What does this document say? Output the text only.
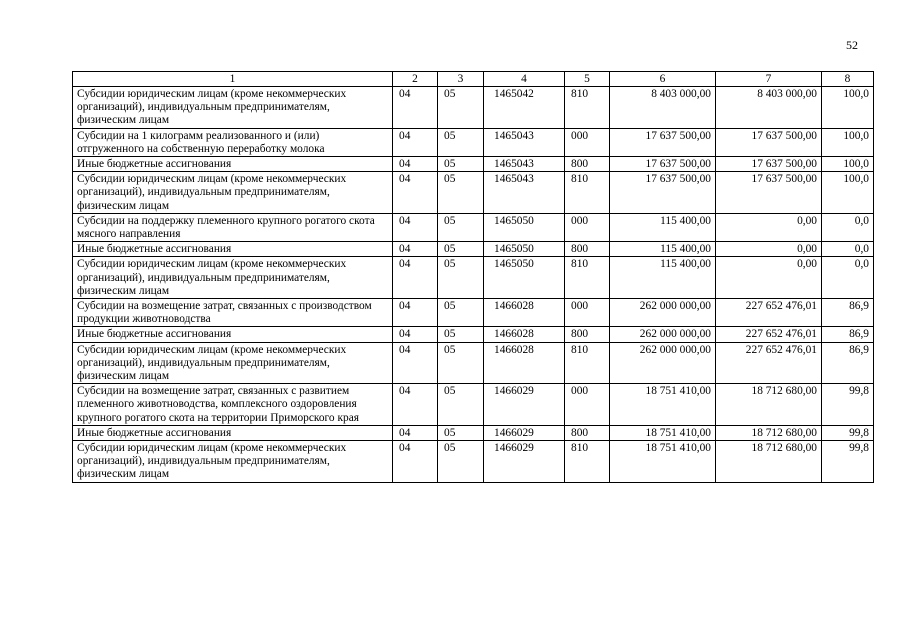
52
1	2	3	4	5	6	7	8
Субсидии юридическим лицам (кроме некоммерческих организаций), индивидуальным предпринимателям, физическим лицам	04	05	1465042	810	8 403 000,00	8 403 000,00	100,0
Субсидии на 1 килограмм реализованного и (или) отгруженного на собственную переработку молока	04	05	1465043	000	17 637 500,00	17 637 500,00	100,0
Иные бюджетные ассигнования	04	05	1465043	800	17 637 500,00	17 637 500,00	100,0
Субсидии юридическим лицам (кроме некоммерческих организаций), индивидуальным предпринимателям, физическим лицам	04	05	1465043	810	17 637 500,00	17 637 500,00	100,0
Субсидии на поддержку племенного крупного рогатого скота мясного направления	04	05	1465050	000	115 400,00	0,00	0,0
Иные бюджетные ассигнования	04	05	1465050	800	115 400,00	0,00	0,0
Субсидии юридическим лицам (кроме некоммерческих организаций), индивидуальным предпринимателям, физическим лицам	04	05	1465050	810	115 400,00	0,00	0,0
Субсидии на возмещение затрат, связанных с производством продукции животноводства	04	05	1466028	000	262 000 000,00	227 652 476,01	86,9
Иные бюджетные ассигнования	04	05	1466028	800	262 000 000,00	227 652 476,01	86,9
Субсидии юридическим лицам (кроме некоммерческих организаций), индивидуальным предпринимателям, физическим лицам	04	05	1466028	810	262 000 000,00	227 652 476,01	86,9
Субсидии на возмещение затрат, связанных с развитием племенного животноводства, комплексного оздоровления крупного рогатого скота на территории Приморского края	04	05	1466029	000	18 751 410,00	18 712 680,00	99,8
Иные бюджетные ассигнования	04	05	1466029	800	18 751 410,00	18 712 680,00	99,8
Субсидии юридическим лицам (кроме некоммерческих организаций), индивидуальным предпринимателям, физическим лицам	04	05	1466029	810	18 751 410,00	18 712 680,00	99,8
